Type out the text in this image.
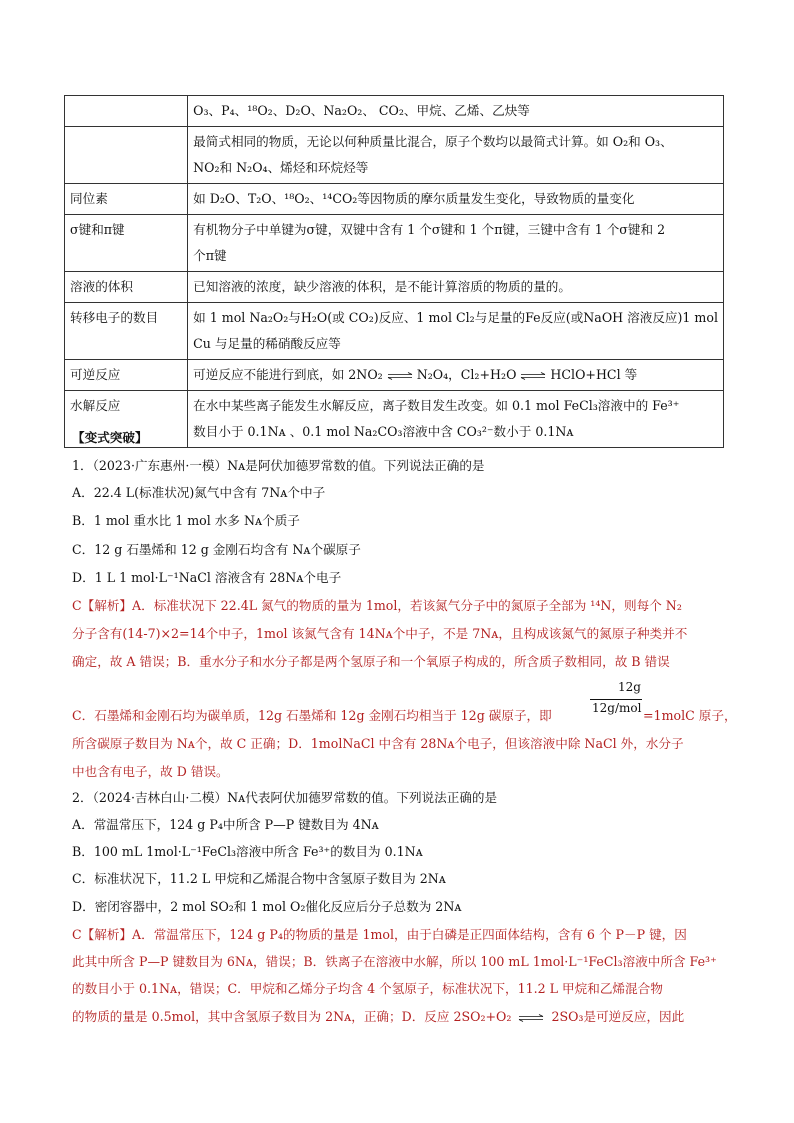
	O₃、P₄、¹⁸O₂、D₂O、Na₂O₂、 CO₂、甲烷、乙烯、乙炔等

	最简式相同的物质，无论以何种质量比混合，原子个数均以最简式计算。如 O₂和 O₃、
NO₂和 N₂O₄、烯烃和环烷烃等

同位素	如 D₂O、T₂O、¹⁸O₂、¹⁴CO₂等因物质的摩尔质量发生变化，导致物质的量变化

σ键和π键	有机物分子中单键为σ键，双键中含有 1 个σ键和 1 个π键，三键中含有 1 个σ键和 2
个π键

溶液的体积	已知溶液的浓度，缺少溶液的体积，是不能计算溶质的物质的量的。

转移电子的数目	如 1 mol Na₂O₂与H₂O(或 CO₂)反应、1 mol Cl₂与足量的Fe反应(或NaOH 溶液反应)1 mol
Cu 与足量的稀硝酸反应等

可逆反应	可逆反应不能进行到底，如 2NO₂ ⇌ N₂O₄，Cl₂+H₂O ⇌ HClO+HCl 等

水解反应	在水中某些离子能发生水解反应，离子数目发生改变。如 0.1 mol FeCl₃溶液中的 Fe³⁺
数目小于 0.1Nᴀ 、0.1 mol Na₂CO₃溶液中含 CO₃²⁻数小于 0.1Nᴀ
【变式突破】
1．（2023·广东惠州·一模）Nᴀ是阿伏加德罗常数的值。下列说法正确的是
A．22.4 L(标准状况)氮气中含有 7Nᴀ个中子
B．1 mol 重水比 1 mol 水多 Nᴀ个质子
C．12 g 石墨烯和 12 g 金刚石均含有 Nᴀ个碳原子
D．1 L 1 mol·L⁻¹NaCl 溶液含有 28Nᴀ个电子
C【解析】A．标准状况下 22.4L 氮气的物质的量为 1mol，若该氮气分子中的氮原子全部为 ¹⁴N，则每个 N₂
分子含有(14-7)×2=14个中子，1mol 该氮气含有 14Nᴀ个中子，不是 7Nᴀ，且构成该氮气的氮原子种类并不
确定，故 A 错误；B．重水分子和水分子都是两个氢原子和一个氧原子构成的，所含质子数相同，故 B 错误
C．石墨烯和金刚石均为碳单质，12g 石墨烯和 12g 金刚石均相当于 12g 碳原子，即
12g
12g/mol =1molC 原子，
所含碳原子数目为 Nᴀ个，故 C 正确；D．1molNaCl 中含有 28Nᴀ个电子，但该溶液中除 NaCl 外，水分子
中也含有电子，故 D 错误。
2．（2024·吉林白山·二模）Nᴀ代表阿伏加德罗常数的值。下列说法正确的是
A．常温常压下，124 g P₄中所含 P—P 键数目为 4Nᴀ
B．100 mL 1mol·L⁻¹FeCl₃溶液中所含 Fe³⁺的数目为 0.1Nᴀ
C．标准状况下，11.2 L 甲烷和乙烯混合物中含氢原子数目为 2Nᴀ
D．密闭容器中，2 mol SO₂和 1 mol O₂催化反应后分子总数为 2Nᴀ
C【解析】A．常温常压下，124 g P₄的物质的量是 1mol，由于白磷是正四面体结构，含有 6 个 P－P 键，因
此其中所含 P—P 键数目为 6Nᴀ，错误；B．铁离子在溶液中水解，所以 100 mL 1mol·L⁻¹FeCl₃溶液中所含 Fe³⁺
的数目小于 0.1Nᴀ，错误；C．甲烷和乙烯分子均含 4 个氢原子，标准状况下，11.2 L 甲烷和乙烯混合物
的物质的量是 0.5mol，其中含氢原子数目为 2Nᴀ，正确；D．反应 2SO₂+O₂ ⇌ 2SO₃是可逆反应，因此
